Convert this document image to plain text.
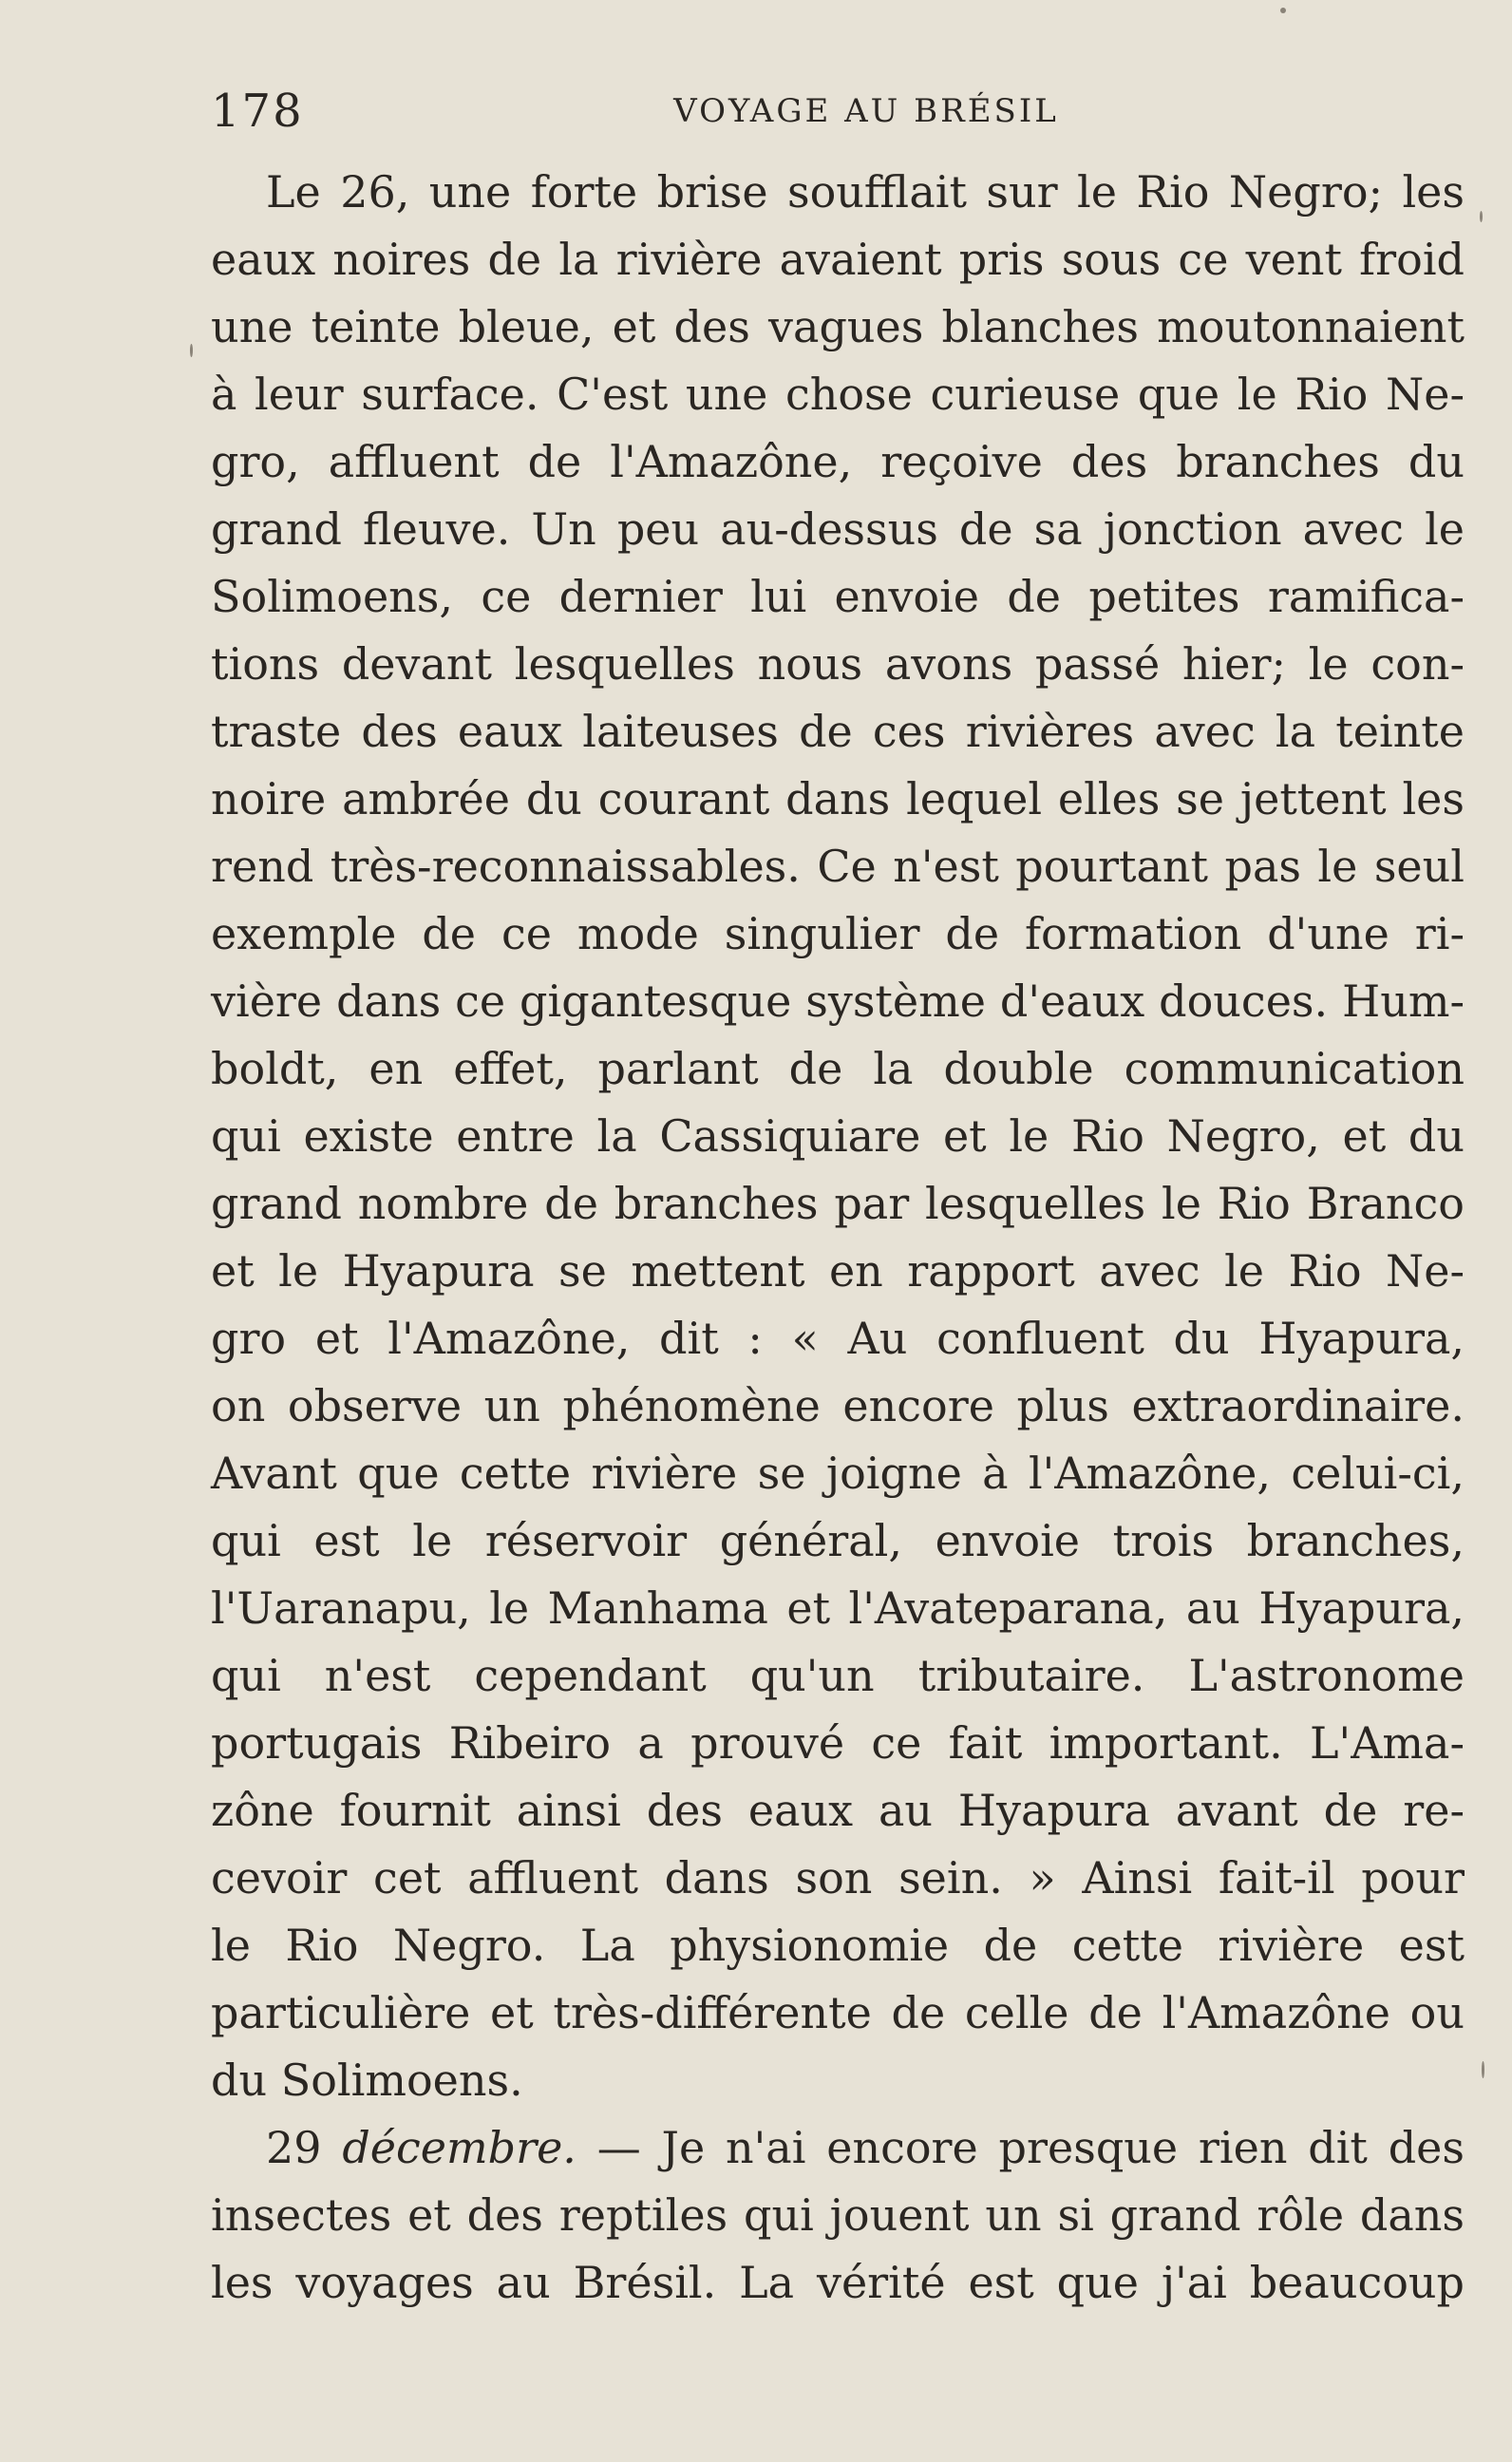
178	VOYAGE AU BRÉSIL
Le 26, une forte brise soufflait sur le Rio Negro; les
eaux noires de la rivière avaient pris sous ce vent froid
une teinte bleue, et des vagues blanches moutonnaient
à leur surface. C'est une chose curieuse que le Rio Ne-
gro, affluent de l'Amazône, reçoive des branches du
grand fleuve. Un peu au-dessus de sa jonction avec le
Solimoens, ce dernier lui envoie de petites ramifica-
tions devant lesquelles nous avons passé hier; le con-
traste des eaux laiteuses de ces rivières avec la teinte
noire ambrée du courant dans lequel elles se jettent les
rend très-reconnaissables. Ce n'est pourtant pas le seul
exemple de ce mode singulier de formation d'une ri-
vière dans ce gigantesque système d'eaux douces. Hum-
boldt, en effet, parlant de la double communication
qui existe entre la Cassiquiare et le Rio Negro, et du
grand nombre de branches par lesquelles le Rio Branco
et le Hyapura se mettent en rapport avec le Rio Ne-
gro et l'Amazône, dit : « Au confluent du Hyapura,
on observe un phénomène encore plus extraordinaire.
Avant que cette rivière se joigne à l'Amazône, celui-ci,
qui est le réservoir général, envoie trois branches,
l'Uaranapu, le Manhama et l'Avateparana, au Hyapura,
qui n'est cependant qu'un tributaire. L'astronome
portugais Ribeiro a prouvé ce fait important. L'Ama-
zône fournit ainsi des eaux au Hyapura avant de re-
cevoir cet affluent dans son sein. » Ainsi fait-il pour
le Rio Negro. La physionomie de cette rivière est
particulière et très-différente de celle de l'Amazône ou
du Solimoens.
29 décembre. — Je n'ai encore presque rien dit des
insectes et des reptiles qui jouent un si grand rôle dans
les voyages au Brésil. La vérité est que j'ai beaucoup
